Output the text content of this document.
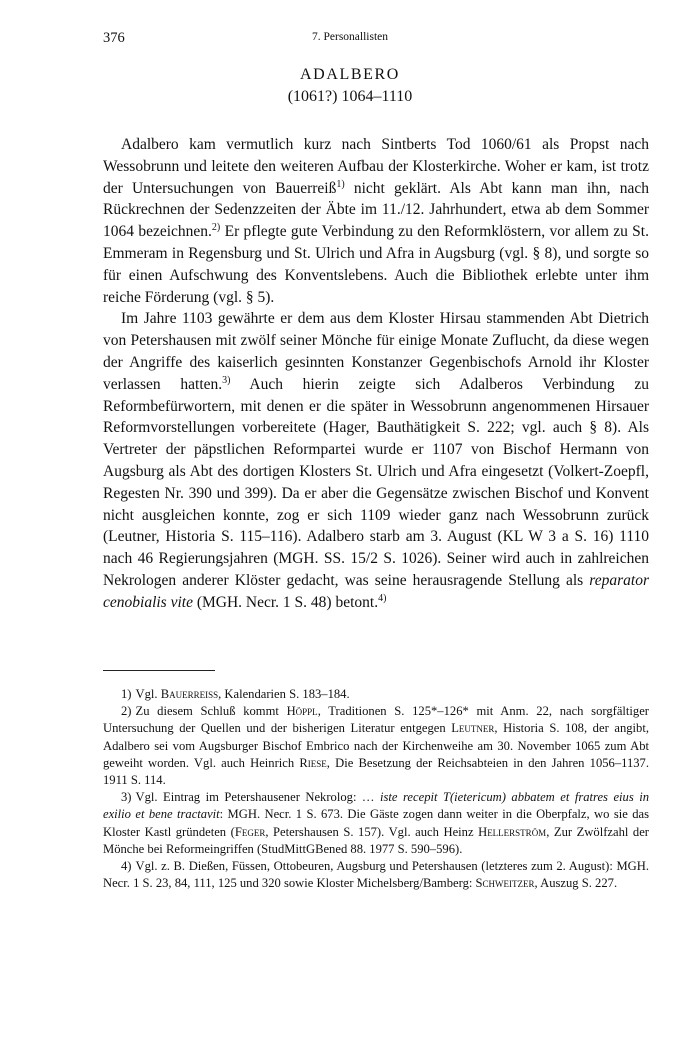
376	7. Personallisten
ADALBERO
(1061?) 1064–1110

Adalbero kam vermutlich kurz nach Sintberts Tod 1060/61 als Propst nach Wessobrunn und leitete den weiteren Aufbau der Klosterkirche. Woher er kam, ist trotz der Untersuchungen von Bauerreiß$^{1)}$ nicht geklärt. Als Abt kann man ihn, nach Rückrechnen der Sedenzzeiten der Äbte im 11./12. Jahrhundert, etwa ab dem Sommer 1064 bezeichnen.$^{2)}$ Er pflegte gute Verbindung zu den Reformklöstern, vor allem zu St. Emmeram in Regensburg und St. Ulrich und Afra in Augsburg (vgl. § 8), und sorgte so für einen Aufschwung des Konventslebens. Auch die Bibliothek erlebte unter ihm reiche Förderung (vgl. § 5).

Im Jahre 1103 gewährte er dem aus dem Kloster Hirsau stammenden Abt Dietrich von Petershausen mit zwölf seiner Mönche für einige Monate Zuflucht, da diese wegen der Angriffe des kaiserlich gesinnten Konstanzer Gegenbischofs Arnold ihr Kloster verlassen hatten.$^{3)}$ Auch hierin zeigte sich Adalberos Verbindung zu Reformbefürwortern, mit denen er die später in Wessobrunn angenommenen Hirsauer Reformvorstellungen vorbereitete (Hager, Bauthätigkeit S. 222; vgl. auch § 8). Als Vertreter der päpstlichen Reformpartei wurde er 1107 von Bischof Hermann von Augsburg als Abt des dortigen Klosters St. Ulrich und Afra eingesetzt (Volkert-Zoepfl, Regesten Nr. 390 und 399). Da er aber die Gegensätze zwischen Bischof und Konvent nicht ausgleichen konnte, zog er sich 1109 wieder ganz nach Wessobrunn zurück (Leutner, Historia S. 115–116). Adalbero starb am 3. August (KL W 3 a S. 16) 1110 nach 46 Regierungsjahren (MGH. SS. 15/2 S. 1026). Seiner wird auch in zahlreichen Nekrologen anderer Klöster gedacht, was seine herausragende Stellung als reparator cenobialis vite (MGH. Necr. 1 S. 48) betont.$^{4)}$

1) Vgl. Bauerreiss, Kalendarien S. 183–184.

2) Zu diesem Schluß kommt Höppl, Traditionen S. 125*–126* mit Anm. 22, nach sorgfältiger Untersuchung der Quellen und der bisherigen Literatur entgegen Leutner, Historia S. 108, der angibt, Adalbero sei vom Augsburger Bischof Embrico nach der Kirchenweihe am 30. November 1065 zum Abt geweiht worden. Vgl. auch Heinrich Riese, Die Besetzung der Reichsabteien in den Jahren 1056–1137. 1911 S. 114.

3) Vgl. Eintrag im Petershausener Nekrolog: … iste recepit T(ietericum) abbatem et fratres eius in exilio et bene tractavit: MGH. Necr. 1 S. 673. Die Gäste zogen dann weiter in die Oberpfalz, wo sie das Kloster Kastl gründeten (Feger, Petershausen S. 157). Vgl. auch Heinz Hellerström, Zur Zwölfzahl der Mönche bei Reformeingriffen (StudMittGBened 88. 1977 S. 590–596).

4) Vgl. z. B. Dießen, Füssen, Ottobeuren, Augsburg und Petershausen (letzteres zum 2. August): MGH. Necr. 1 S. 23, 84, 111, 125 und 320 sowie Kloster Michelsberg/Bamberg: Schweitzer, Auszug S. 227.
